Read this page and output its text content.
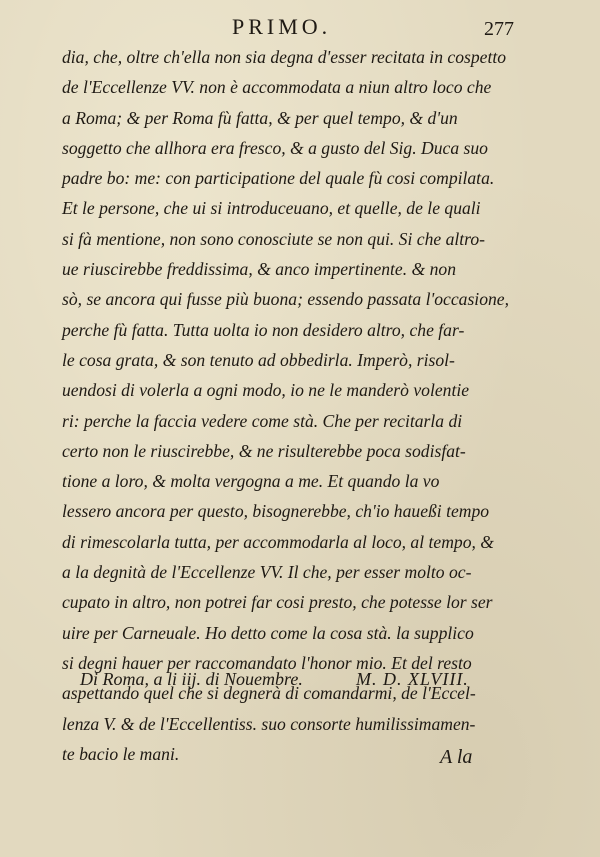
PRIMO.	277
dia, che, oltre ch'ella non sia degna d'esser recitata in cospetto
de l'Eccellenze VV. non è accommodata a niun altro loco che
a Roma; & per Roma fù fatta, & per quel tempo, & d'un
soggetto che allhora era fresco, & a gusto del Sig. Duca suo
padre bo: me: con participatione del quale fù cosi compilata.
Et le persone, che ui si introduceuano, et quelle, de le quali
si fà mentione, non sono conosciute se non qui. Si che altro-
ue riuscirebbe freddissima, & anco impertinente. & non
sò, se ancora qui fusse più buona; essendo passata l'occasione,
perche fù fatta. Tutta uolta io non desidero altro, che far-
le cosa grata, & son tenuto ad obbedirla. Imperò, risol-
uendosi di volerla a ogni modo, io ne le manderò volentie
ri: perche la faccia vedere come stà. Che per recitarla di
certo non le riuscirebbe, & ne risulterebbe poca sodisfat-
tione a loro, & molta vergogna a me. Et quando la vo
lessero ancora per questo, bisognerebbe, ch'io haueßi tempo
di rimescolarla tutta, per accommodarla al loco, al tempo, &
a la degnità de l'Eccellenze VV. Il che, per esser molto oc-
cupato in altro, non potrei far cosi presto, che potesse lor ser
uire per Carneuale. Ho detto come la cosa stà. la supplico
si degni hauer per raccomandato l'honor mio. Et del resto
aspettando quel che si degnerà di comandarmi, de l'Eccel-
lenza V. & de l'Eccellentiss. suo consorte humilissimamen-
te bacio le mani.
Di Roma, a li iij. di Nouembre.	M. D. XLVIII.
A la
